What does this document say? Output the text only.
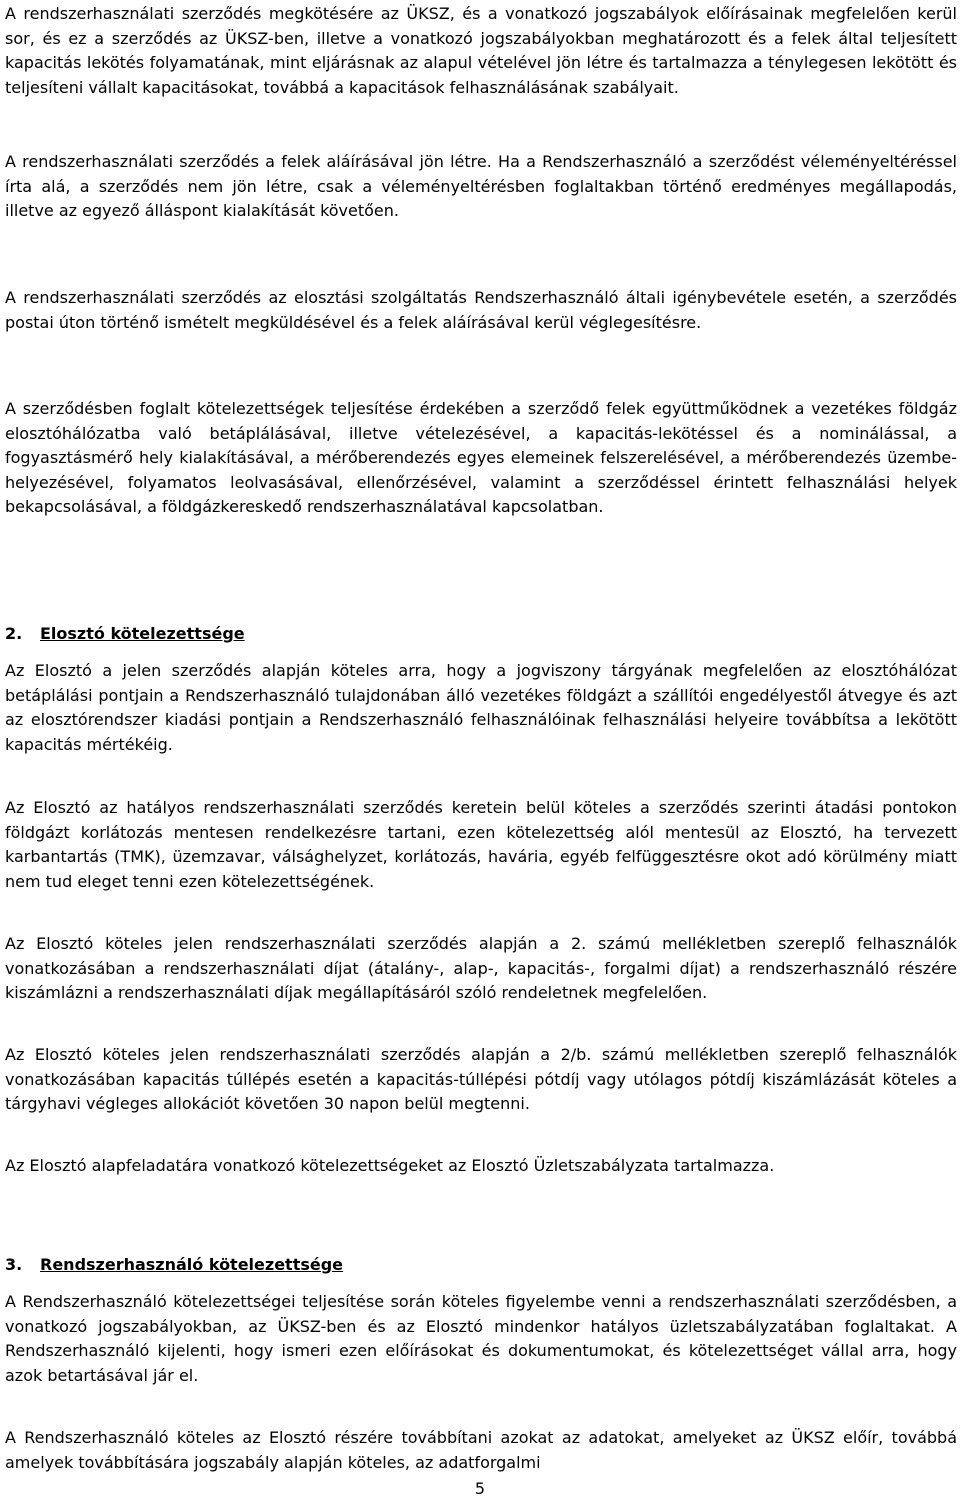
A rendszerhasználati szerződés megkötésére az ÜKSZ, és a vonatkozó jogszabályok előírásainak megfelelően kerül sor, és ez a szerződés az ÜKSZ-ben, illetve a vonatkozó jogszabályokban meghatározott és a felek által teljesített kapacitás lekötés folyamatának, mint eljárásnak az alapul vételével jön létre és tartalmazza a ténylegesen lekötött és teljesíteni vállalt kapacitásokat, továbbá a kapacitások felhasználásának szabályait.

A rendszerhasználati szerződés a felek aláírásával jön létre. Ha a Rendszerhasználó a szerződést véleményeltéréssel írta alá, a szerződés nem jön létre, csak a véleményeltérésben foglaltakban történő eredményes megállapodás, illetve az egyező álláspont kialakítását követően.

A rendszerhasználati szerződés az elosztási szolgáltatás Rendszerhasználó általi igénybevétele esetén, a szerződés postai úton történő ismételt megküldésével és a felek aláírásával kerül véglegesítésre.

A szerződésben foglalt kötelezettségek teljesítése érdekében a szerződő felek együttműködnek a vezetékes földgáz elosztóhálózatba való betáplálásával, illetve vételezésével, a kapacitás-lekötéssel és a nominálással, a fogyasztásmérő hely kialakításával, a mérőberendezés egyes elemeinek felszerelésével, a mérőberendezés üzembe- helyezésével, folyamatos leolvasásával, ellenőrzésével, valamint a szerződéssel érintett felhasználási helyek bekapcsolásával, a földgázkereskedő rendszerhasználatával kapcsolatban.

2. Elosztó kötelezettsége

Az Elosztó a jelen szerződés alapján köteles arra, hogy a jogviszony tárgyának megfelelően az elosztóhálózat betáplálási pontjain a Rendszerhasználó tulajdonában álló vezetékes földgázt a szállítói engedélyestől átvegye és azt az elosztórendszer kiadási pontjain a Rendszerhasználó felhasználóinak felhasználási helyeire továbbítsa a lekötött kapacitás mértékéig.

Az Elosztó az hatályos rendszerhasználati szerződés keretein belül köteles a szerződés szerinti átadási pontokon földgázt korlátozás mentesen rendelkezésre tartani, ezen kötelezettség alól mentesül az Elosztó, ha tervezett karbantartás (TMK), üzemzavar, válsághelyzet, korlátozás, havária, egyéb felfüggesztésre okot adó körülmény miatt nem tud eleget tenni ezen kötelezettségének.

Az Elosztó köteles jelen rendszerhasználati szerződés alapján a 2. számú mellékletben szereplő felhasználók vonatkozásában a rendszerhasználati díjat (átalány-, alap-, kapacitás-, forgalmi díjat) a rendszerhasználó részére kiszámlázni a rendszerhasználati díjak megállapításáról szóló rendeletnek megfelelően.

Az Elosztó köteles jelen rendszerhasználati szerződés alapján a 2/b. számú mellékletben szereplő felhasználók vonatkozásában kapacitás túllépés esetén a kapacitás-túllépési pótdíj vagy utólagos pótdíj kiszámlázását köteles a tárgyhavi végleges allokációt követően 30 napon belül megtenni.

Az Elosztó alapfeladatára vonatkozó kötelezettségeket az Elosztó Üzletszabályzata tartalmazza.

3. Rendszerhasználó kötelezettsége

A Rendszerhasználó kötelezettségei teljesítése során köteles figyelembe venni a rendszerhasználati szerződésben, a vonatkozó jogszabályokban, az ÜKSZ-ben és az Elosztó mindenkor hatályos üzletszabályzatában foglaltakat. A Rendszerhasználó kijelenti, hogy ismeri ezen előírásokat és dokumentumokat, és kötelezettséget vállal arra, hogy azok betartásával jár el.

A Rendszerhasználó köteles az Elosztó részére továbbítani azokat az adatokat, amelyeket az ÜKSZ előír, továbbá amelyek továbbítására jogszabály alapján köteles, az adatforgalmi

5
